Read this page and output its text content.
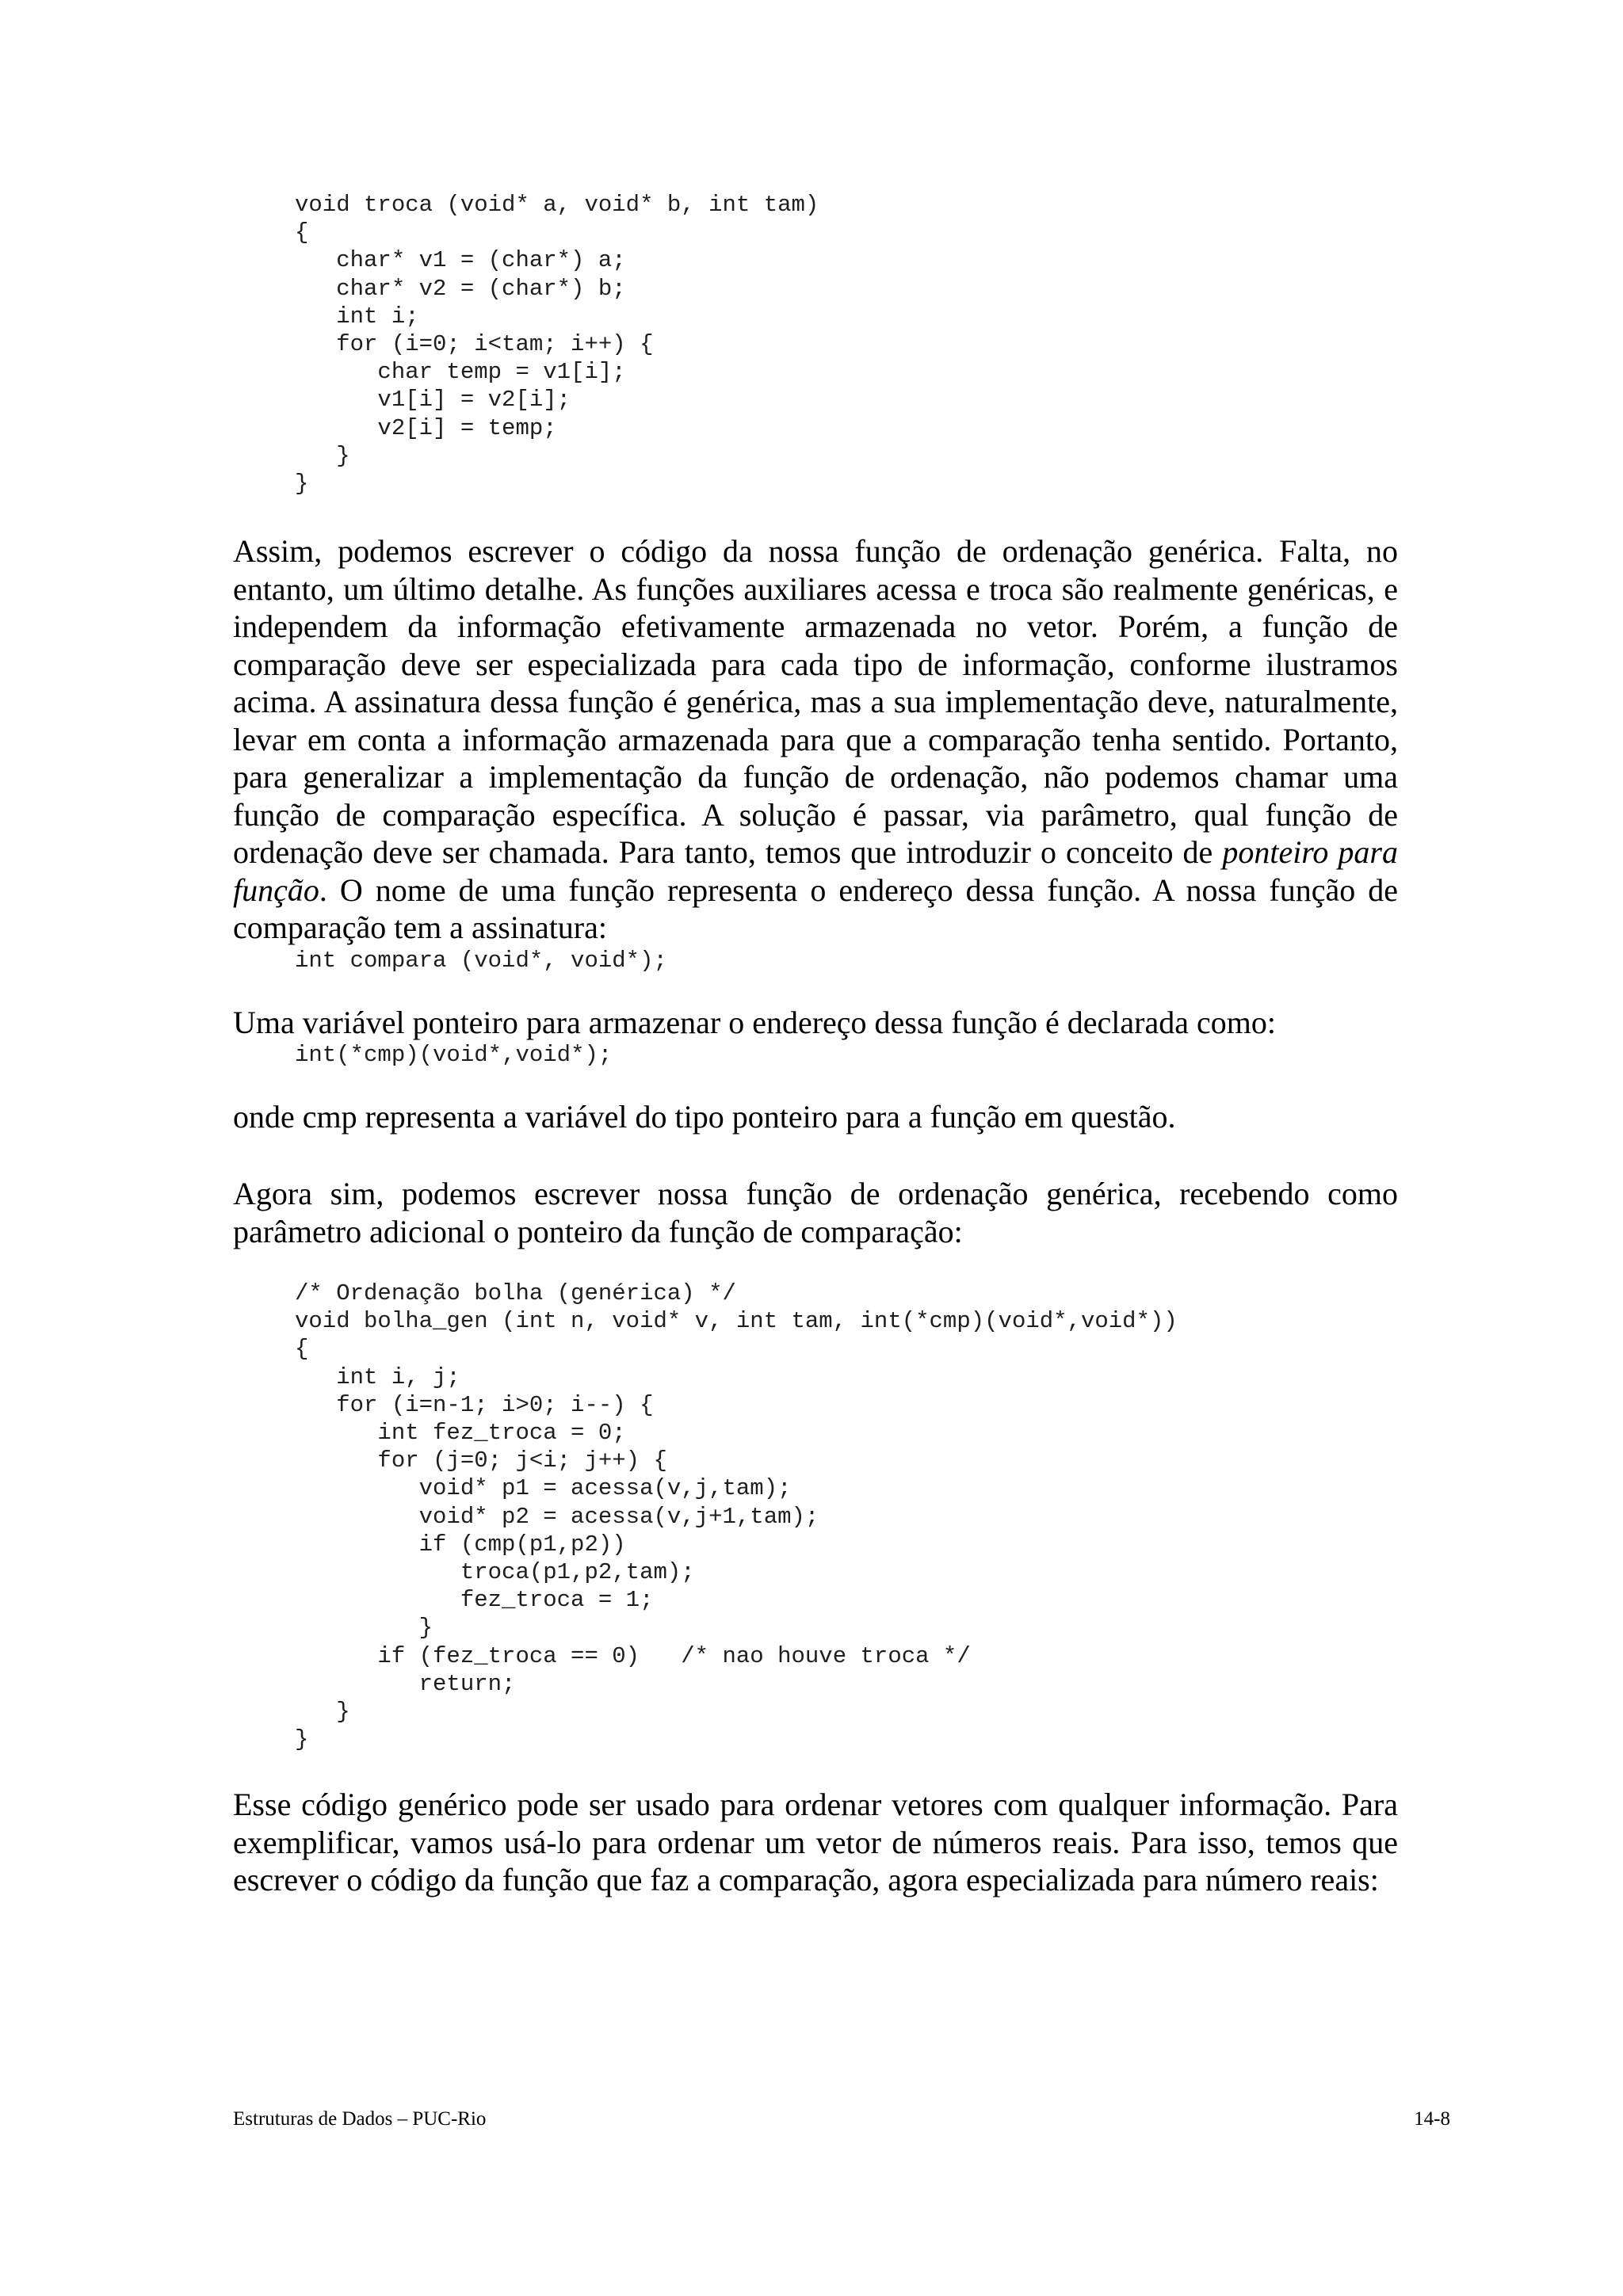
void troca (void* a, void* b, int tam)
{
char* v1 = (char*) a;
char* v2 = (char*) b;
int i;
for (i=0; i<tam; i++) {
char temp = v1[i];
v1[i] = v2[i];
v2[i] = temp;
}
}

Assim, podemos escrever o código da nossa função de ordenação genérica. Falta, no entanto, um último detalhe. As funções auxiliares acessa e troca são realmente genéricas, e independem da informação efetivamente armazenada no vetor. Porém, a função de comparação deve ser especializada para cada tipo de informação, conforme ilustramos acima. A assinatura dessa função é genérica, mas a sua implementação deve, naturalmente, levar em conta a informação armazenada para que a comparação tenha sentido. Portanto, para generalizar a implementação da função de ordenação, não podemos chamar uma função de comparação específica. A solução é passar, via parâmetro, qual função de ordenação deve ser chamada. Para tanto, temos que introduzir o conceito de ponteiro para função. O nome de uma função representa o endereço dessa função. A nossa função de comparação tem a assinatura:

int compara (void*, void*);

Uma variável ponteiro para armazenar o endereço dessa função é declarada como:

int(*cmp)(void*,void*);

onde cmp representa a variável do tipo ponteiro para a função em questão.

Agora sim, podemos escrever nossa função de ordenação genérica, recebendo como parâmetro adicional o ponteiro da função de comparação:

/* Ordenação bolha (genérica) */
void bolha_gen (int n, void* v, int tam, int(*cmp)(void*,void*))
{
int i, j;
for (i=n-1; i>0; i--) {
int fez_troca = 0;
for (j=0; j<i; j++) {
void* p1 = acessa(v,j,tam);
void* p2 = acessa(v,j+1,tam);
if (cmp(p1,p2))
troca(p1,p2,tam);
fez_troca = 1;
}
if (fez_troca == 0)   /* nao houve troca */
return;
}
}

Esse código genérico pode ser usado para ordenar vetores com qualquer informação. Para exemplificar, vamos usá-lo para ordenar um vetor de números reais. Para isso, temos que escrever o código da função que faz a comparação, agora especializada para número reais:

Estruturas de Dados – PUC-Rio	14-8
